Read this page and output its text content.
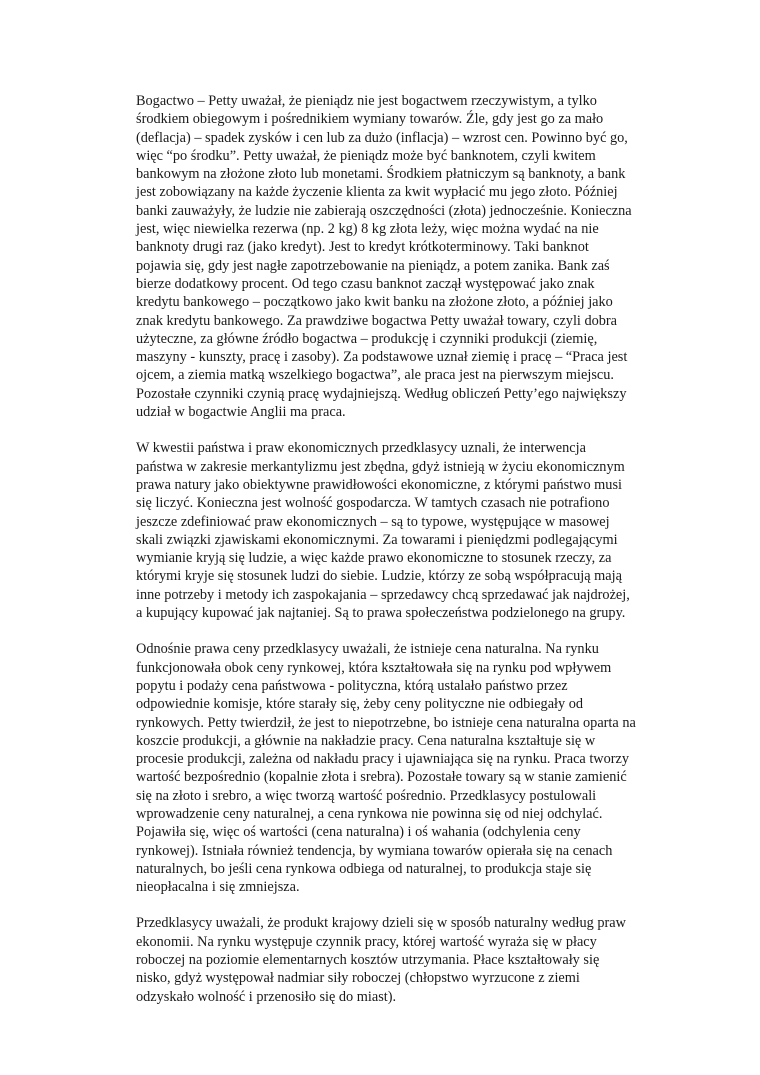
Bogactwo – Petty uważał, że pieniądz nie jest bogactwem rzeczywistym, a tylko środkiem obiegowym i pośrednikiem wymiany towarów. Źle, gdy jest go za mało (deflacja) – spadek zysków i cen lub za dużo (inflacja) – wzrost cen. Powinno być go, więc “po środku”. Petty uważał, że pieniądz może być banknotem, czyli kwitem bankowym na złożone złoto lub monetami. Środkiem płatniczym są banknoty, a bank jest zobowiązany na każde życzenie klienta za kwit wypłacić mu jego złoto. Później banki zauważyły, że ludzie nie zabierają oszczędności (złota) jednocześnie. Konieczna jest, więc niewielka rezerwa (np. 2 kg) 8 kg złota leży, więc można wydać na nie banknoty drugi raz (jako kredyt). Jest to kredyt krótkoterminowy. Taki banknot pojawia się, gdy jest nagłe zapotrzebowanie na pieniądz, a potem zanika. Bank zaś bierze dodatkowy procent. Od tego czasu banknot zaczął występować jako znak kredytu bankowego – początkowo jako kwit banku na złożone złoto, a później jako znak kredytu bankowego. Za prawdziwe bogactwa Petty uważał towary, czyli dobra użyteczne, za główne źródło bogactwa – produkcję i czynniki produkcji (ziemię, maszyny - kunszty, pracę i zasoby). Za podstawowe uznał ziemię i pracę – “Praca jest ojcem, a ziemia matką wszelkiego bogactwa”, ale praca jest na pierwszym miejscu. Pozostałe czynniki czynią pracę wydajniejszą. Według obliczeń Petty’ego największy udział w bogactwie Anglii ma praca.

W kwestii państwa i praw ekonomicznych przedklasycy uznali, że interwencja państwa w zakresie merkantylizmu jest zbędna, gdyż istnieją w życiu ekonomicznym prawa natury jako obiektywne prawidłowości ekonomiczne, z którymi państwo musi się liczyć. Konieczna jest wolność gospodarcza. W tamtych czasach nie potrafiono jeszcze zdefiniować praw ekonomicznych – są to typowe, występujące w masowej skali związki zjawiskami ekonomicznymi. Za towarami i pieniędzmi podlegającymi wymianie kryją się ludzie, a więc każde prawo ekonomiczne to stosunek rzeczy, za którymi kryje się stosunek ludzi do siebie. Ludzie, którzy ze sobą współpracują mają inne potrzeby i metody ich zaspokajania – sprzedawcy chcą sprzedawać jak najdrożej, a kupujący kupować jak najtaniej. Są to prawa społeczeństwa podzielonego na grupy.

Odnośnie prawa ceny przedklasycy uważali, że istnieje cena naturalna. Na rynku funkcjonowała obok ceny rynkowej, która kształtowała się na rynku pod wpływem popytu i podaży cena państwowa - polityczna, którą ustalało państwo przez odpowiednie komisje, które starały się, żeby ceny polityczne nie odbiegały od rynkowych. Petty twierdził, że jest to niepotrzebne, bo istnieje cena naturalna oparta na koszcie produkcji, a głównie na nakładzie pracy. Cena naturalna kształtuje się w procesie produkcji, zależna od nakładu pracy i ujawniająca się na rynku. Praca tworzy wartość bezpośrednio (kopalnie złota i srebra). Pozostałe towary są w stanie zamienić się na złoto i srebro, a więc tworzą wartość pośrednio. Przedklasycy postulowali wprowadzenie ceny naturalnej, a cena rynkowa nie powinna się od niej odchylać. Pojawiła się, więc oś wartości (cena naturalna) i oś wahania (odchylenia ceny rynkowej). Istniała również tendencja, by wymiana towarów opierała się na cenach naturalnych, bo jeśli cena rynkowa odbiega od naturalnej, to produkcja staje się nieopłacalna i się zmniejsza.

Przedklasycy uważali, że produkt krajowy dzieli się w sposób naturalny według praw ekonomii. Na rynku występuje czynnik pracy, której wartość wyraża się w płacy roboczej na poziomie elementarnych kosztów utrzymania. Płace kształtowały się nisko, gdyż występował nadmiar siły roboczej (chłopstwo wyrzucone z ziemi odzyskało wolność i przenosiło się do miast).
